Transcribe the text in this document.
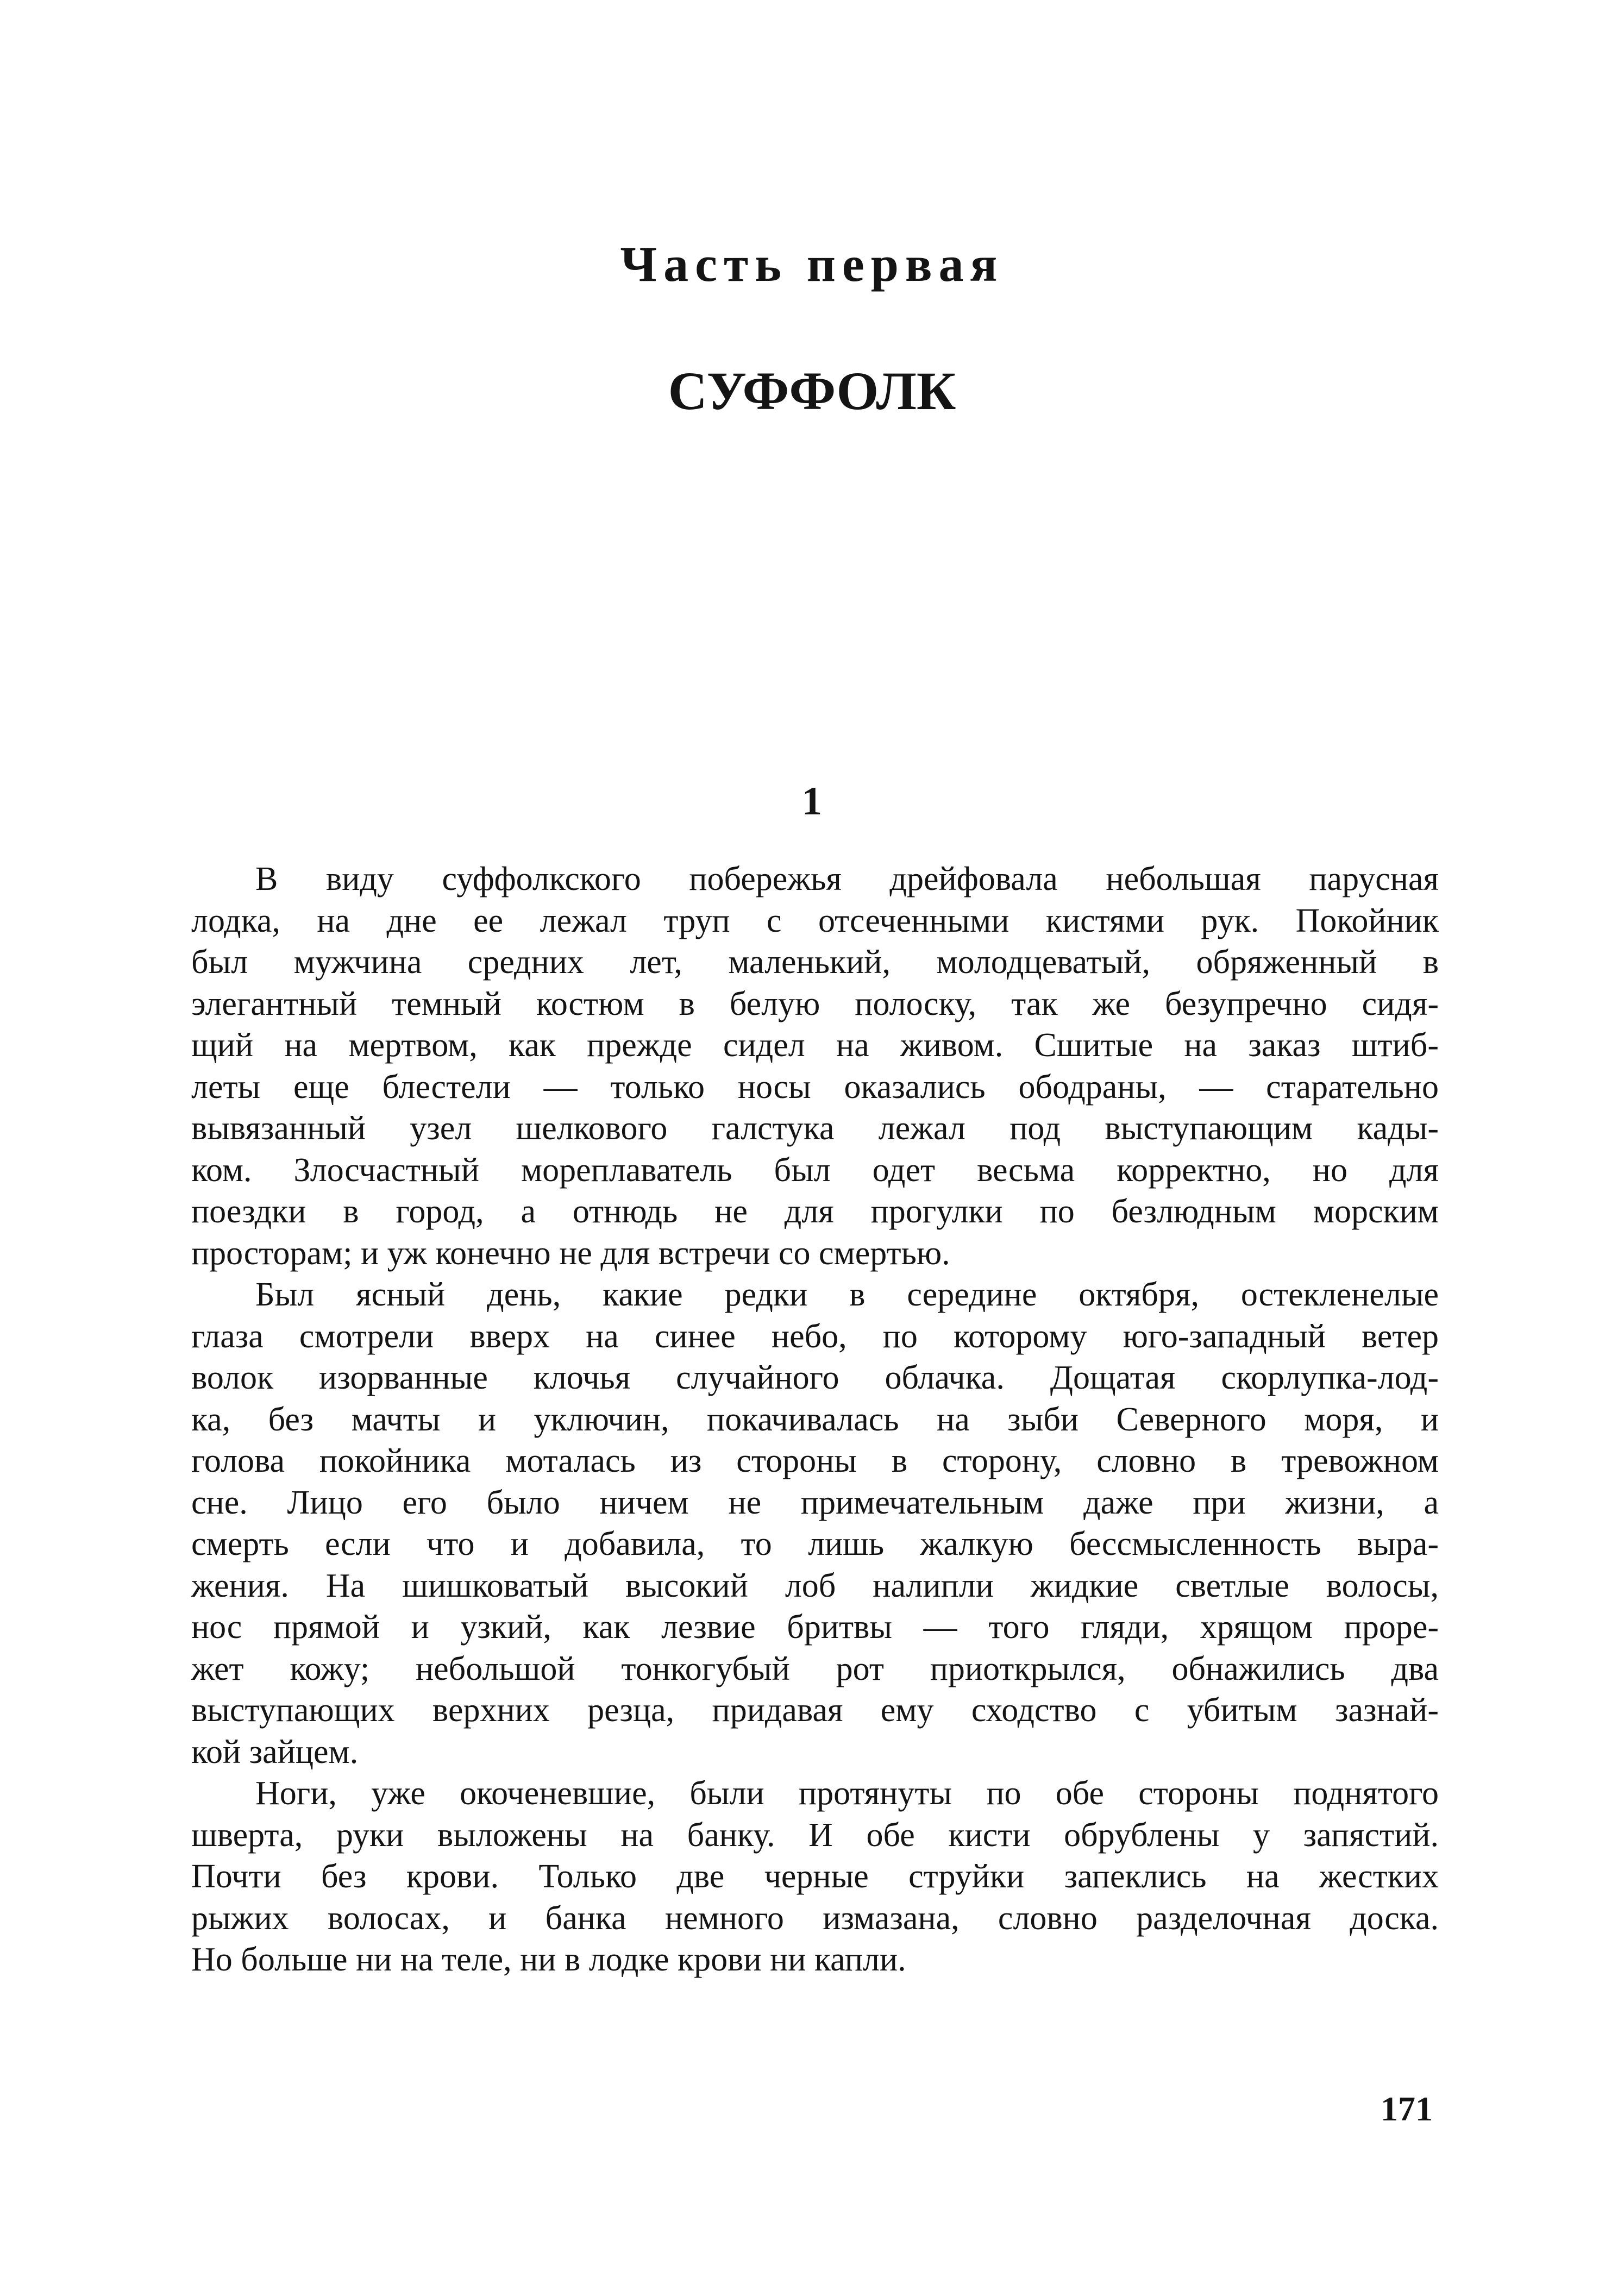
Часть первая
СУФФОЛК
1
В виду суффолкского побережья дрейфовала небольшая парусная
лодка, на дне ее лежал труп с отсеченными кистями рук. Покойник
был мужчина средних лет, маленький, молодцеватый, обряженный в
элегантный темный костюм в белую полоску, так же безупречно сидя-
щий на мертвом, как прежде сидел на живом. Сшитые на заказ штиб-
леты еще блестели — только носы оказались ободраны, — старательно
вывязанный узел шелкового галстука лежал под выступающим кады-
ком. Злосчастный мореплаватель был одет весьма корректно, но для
поездки в город, а отнюдь не для прогулки по безлюдным морским
просторам; и уж конечно не для встречи со смертью.
Был ясный день, какие редки в середине октября, остекленелые
глаза смотрели вверх на синее небо, по которому юго-западный ветер
волок изорванные клочья случайного облачка. Дощатая скорлупка-лод-
ка, без мачты и уключин, покачивалась на зыби Северного моря, и
голова покойника моталась из стороны в сторону, словно в тревожном
сне. Лицо его было ничем не примечательным даже при жизни, а
смерть если что и добавила, то лишь жалкую бессмысленность выра-
жения. На шишковатый высокий лоб налипли жидкие светлые волосы,
нос прямой и узкий, как лезвие бритвы — того гляди, хрящом проре-
жет кожу; небольшой тонкогубый рот приоткрылся, обнажились два
выступающих верхних резца, придавая ему сходство с убитым зазнай-
кой зайцем.
Ноги, уже окоченевшие, были протянуты по обе стороны поднятого
шверта, руки выложены на банку. И обе кисти обрублены у запястий.
Почти без крови. Только две черные струйки запеклись на жестких
рыжих волосах, и банка немного измазана, словно разделочная доска.
Но больше ни на теле, ни в лодке крови ни капли.
171
